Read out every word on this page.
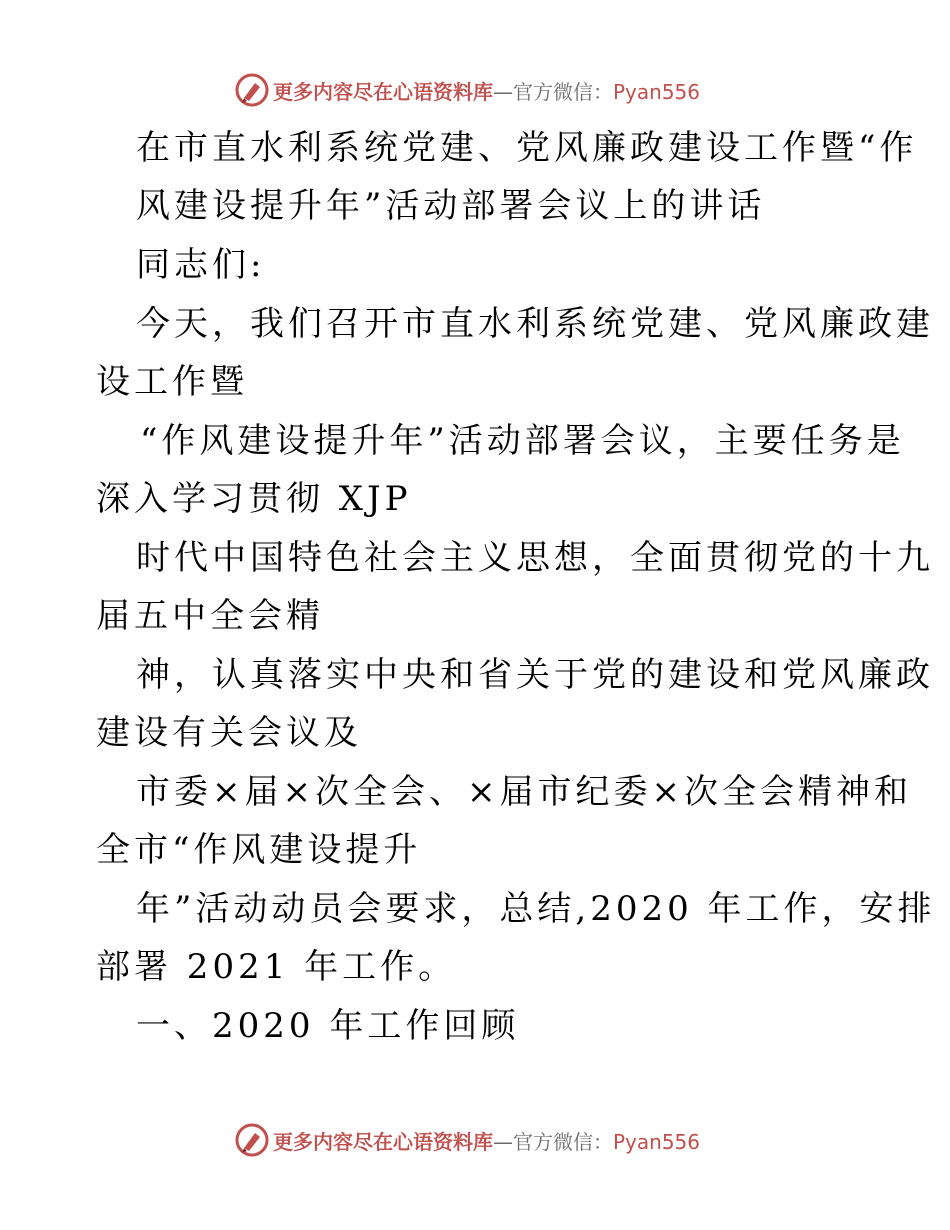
更多内容尽在心语资料库—官方微信：Pyan556
在市直水利系统党建、党风廉政建设工作暨“作
风建设提升年”活动部署会议上的讲话
同志们:
今天，我们召开市直水利系统党建、党风廉政建
设工作暨
“作风建设提升年”活动部署会议，主要任务是
深入学习贯彻 XJP
时代中国特色社会主义思想，全面贯彻党的十九
届五中全会精
神，认真落实中央和省关于党的建设和党风廉政
建设有关会议及
市委×届×次全会、×届市纪委×次全会精神和
全市“作风建设提升
年”活动动员会要求，总结,2020 年工作，安排
部署 2021 年工作。
一、2020 年工作回顾
更多内容尽在心语资料库—官方微信：Pyan556
